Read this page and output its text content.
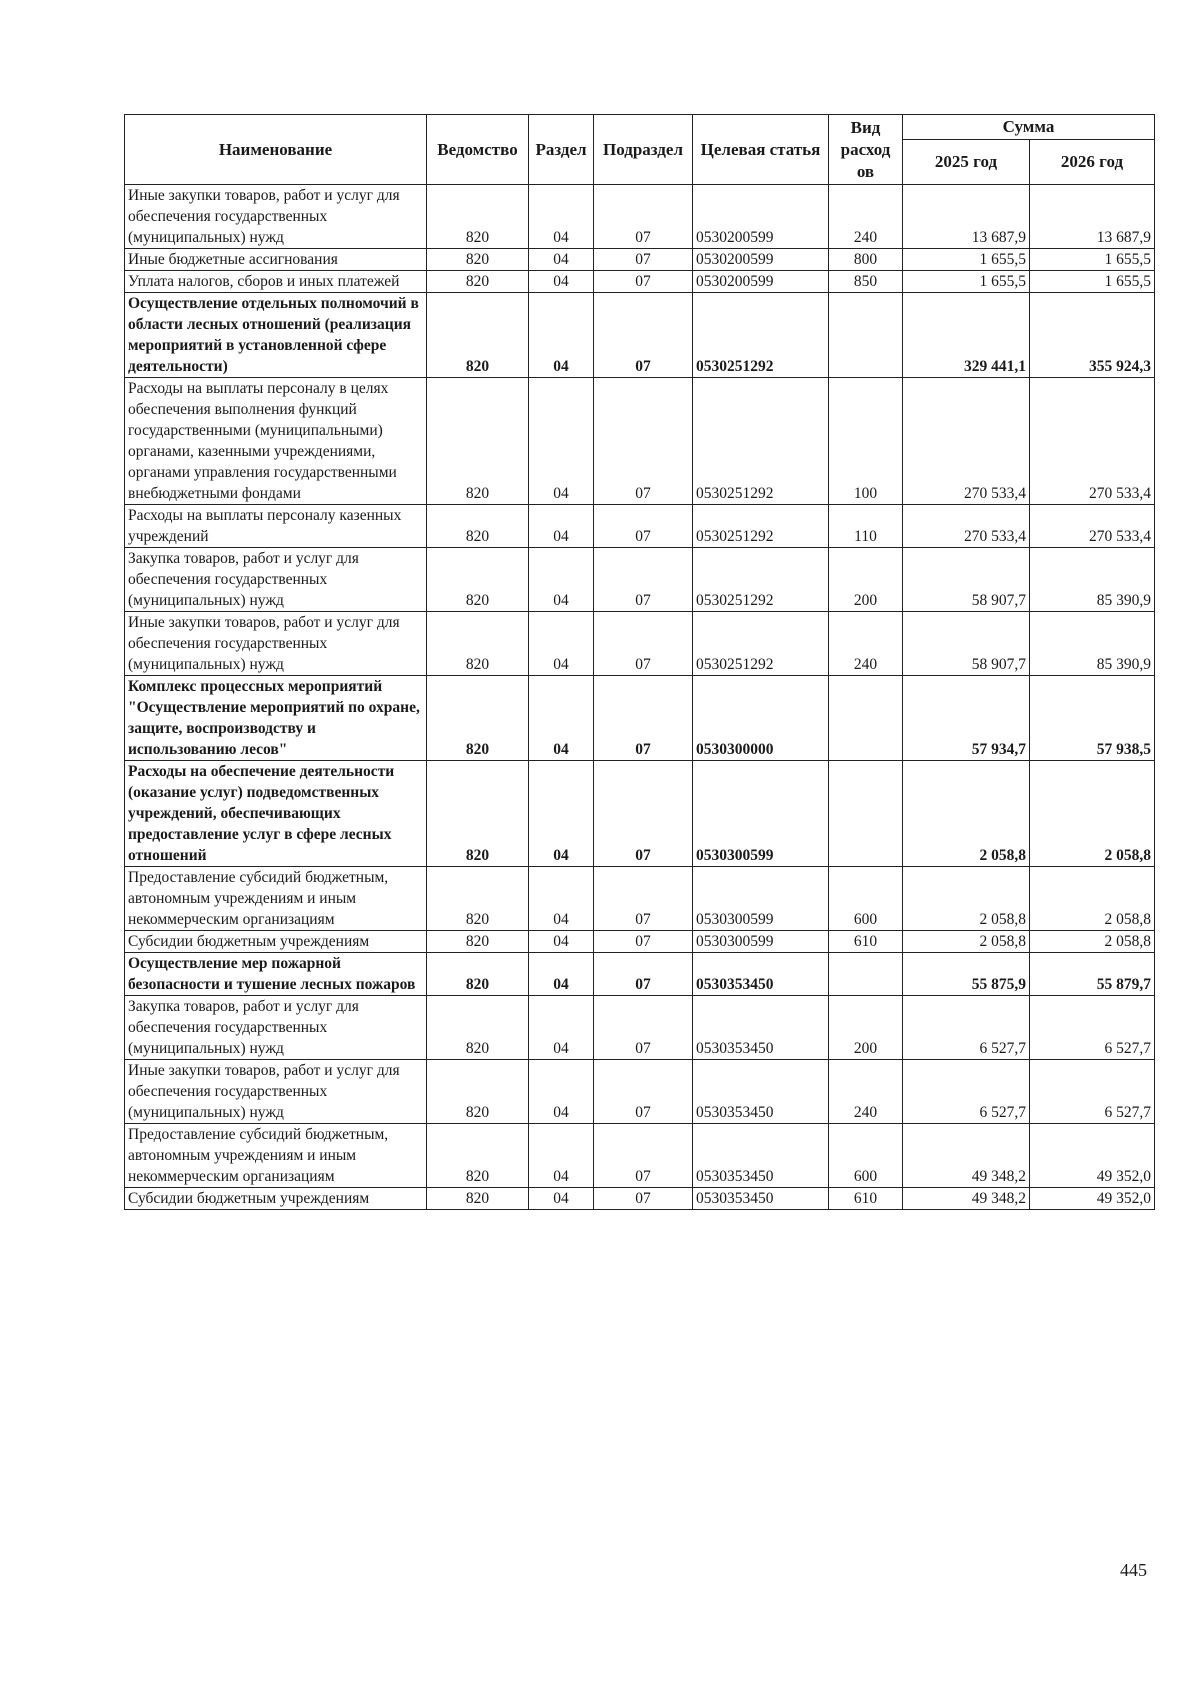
Наименование	Ведомство	Раздел	Подраздел	Целевая статья	Вид расход ов	Сумма	
						2025 год	2026 год
Иные закупки товаров, работ и услуг для обеспечения государственных (муниципальных) нужд	820	04	07	0530200599	240	13 687,9	13 687,9
Иные бюджетные ассигнования	820	04	07	0530200599	800	1 655,5	1 655,5
Уплата налогов, сборов и иных платежей	820	04	07	0530200599	850	1 655,5	1 655,5
Осуществление отдельных полномочий в области лесных отношений (реализация мероприятий в установленной сфере деятельности)	820	04	07	0530251292		329 441,1	355 924,3
Расходы на выплаты персоналу в целях обеспечения выполнения функций государственными (муниципальными) органами, казенными учреждениями, органами управления государственными внебюджетными фондами	820	04	07	0530251292	100	270 533,4	270 533,4
Расходы на выплаты персоналу казенных учреждений	820	04	07	0530251292	110	270 533,4	270 533,4
Закупка товаров, работ и услуг для обеспечения государственных (муниципальных) нужд	820	04	07	0530251292	200	58 907,7	85 390,9
Иные закупки товаров, работ и услуг для обеспечения государственных (муниципальных) нужд	820	04	07	0530251292	240	58 907,7	85 390,9
Комплекс процессных мероприятий "Осуществление мероприятий по охране, защите, воспроизводству и использованию лесов"	820	04	07	0530300000		57 934,7	57 938,5
Расходы на обеспечение деятельности (оказание услуг) подведомственных учреждений, обеспечивающих предоставление услуг в сфере лесных отношений	820	04	07	0530300599		2 058,8	2 058,8
Предоставление субсидий бюджетным, автономным учреждениям и иным некоммерческим организациям	820	04	07	0530300599	600	2 058,8	2 058,8
Субсидии бюджетным учреждениям	820	04	07	0530300599	610	2 058,8	2 058,8
Осуществление мер пожарной безопасности и тушение лесных пожаров	820	04	07	0530353450		55 875,9	55 879,7
Закупка товаров, работ и услуг для обеспечения государственных (муниципальных) нужд	820	04	07	0530353450	200	6 527,7	6 527,7
Иные закупки товаров, работ и услуг для обеспечения государственных (муниципальных) нужд	820	04	07	0530353450	240	6 527,7	6 527,7
Предоставление субсидий бюджетным, автономным учреждениям и иным некоммерческим организациям	820	04	07	0530353450	600	49 348,2	49 352,0
Субсидии бюджетным учреждениям	820	04	07	0530353450	610	49 348,2	49 352,0
445
